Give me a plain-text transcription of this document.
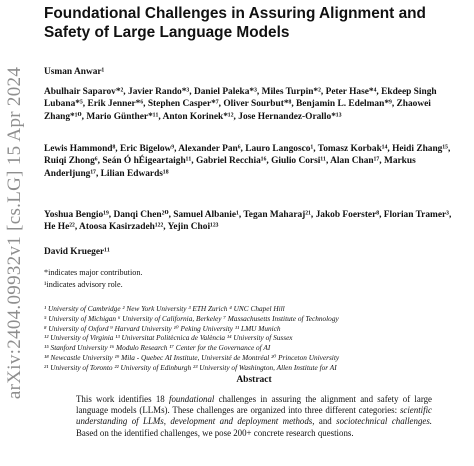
arXiv:2404.09932v1 [cs.LG] 15 Apr 2024
Foundational Challenges in Assuring Alignment and Safety of Large Language Models
Usman Anwar¹
Abulhair Saparov*², Javier Rando*³, Daniel Paleka*³, Miles Turpin*², Peter Hase*⁴, Ekdeep Singh Lubana*⁵, Erik Jenner*⁶, Stephen Casper*⁷, Oliver Sourbut*⁸, Benjamin L. Edelman*⁹, Zhaowei Zhang*¹⁰, Mario Günther*¹¹, Anton Korinek*¹², Jose Hernandez-Orallo*¹³
Lewis Hammond⁸, Eric Bigelow⁹, Alexander Pan⁶, Lauro Langosco¹, Tomasz Korbak¹⁴, Heidi Zhang¹⁵, Ruiqi Zhong⁶, Seán Ó hÉigeartaigh¹¹, Gabriel Recchia¹⁶, Giulio Corsi¹¹, Alan Chan¹⁷, Markus Anderljung¹⁷, Lilian Edwards¹⁸
Yoshua Bengio¹⁹, Danqi Chen²⁰, Samuel Albanie¹, Tegan Maharaj²¹, Jakob Foerster⁸, Florian Tramer³, He He²², Atoosa Kasirzadeh¹²², Yejin Choi¹²³
David Krueger¹¹
*indicates major contribution.
¹indicates advisory role.
¹ University of Cambridge ² New York University ³ ETH Zurich ⁴ UNC Chapel Hill
⁵ University of Michigan ⁶ University of California, Berkeley ⁷ Massachusetts Institute of Technology
⁸ University of Oxford ⁹ Harvard University ¹⁰ Peking University ¹¹ LMU Munich
¹² University of Virginia ¹³ Universitat Politècnica de València ¹⁴ University of Sussex
¹⁵ Stanford University ¹⁶ Modulo Research ¹⁷ Center for the Governance of AI
¹⁸ Newcastle University ¹⁹ Mila - Quebec AI Institute, Université de Montréal ²⁰ Princeton University
²¹ University of Toronto ²² University of Edinburgh ²³ University of Washington, Allen Institute for AI
Abstract
This work identifies 18 foundational challenges in assuring the alignment and safety of large language models (LLMs). These challenges are organized into three different categories: scientific understanding of LLMs, development and deployment methods, and sociotechnical challenges. Based on the identified challenges, we pose 200+ concrete research questions.
